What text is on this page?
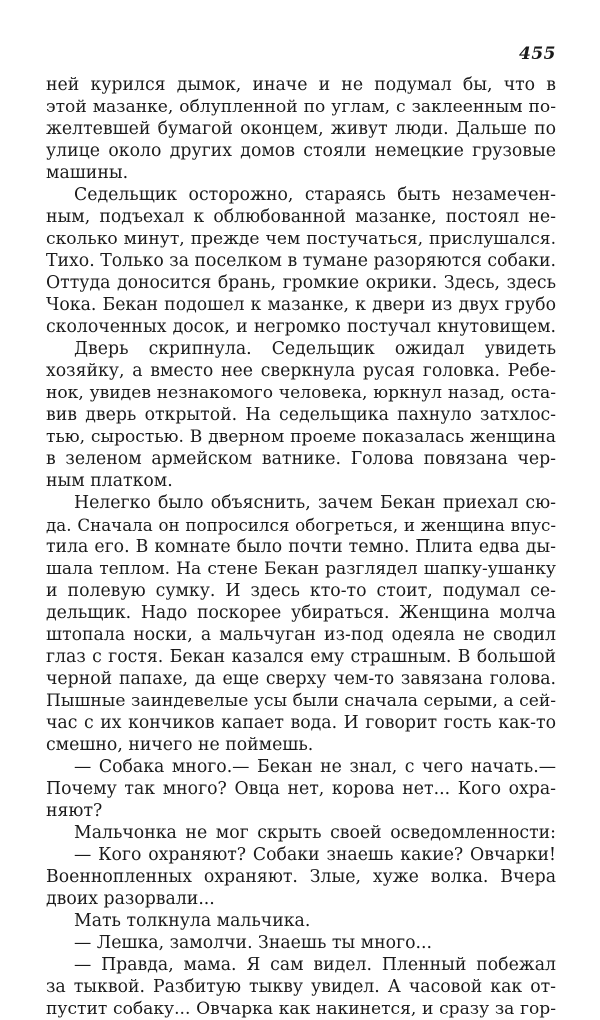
455
ней курился дымок, иначе и не подумал бы, что в
этой мазанке, облупленной по углам, с заклеенным по-
желтевшей бумагой оконцем, живут люди. Дальше по
улице около других домов стояли немецкие грузовые
машины.
Седельщик осторожно, стараясь быть незамечен-
ным, подъехал к облюбованной мазанке, постоял не-
сколько минут, прежде чем постучаться, прислушался.
Тихо. Только за поселком в тумане разоряются собаки.
Оттуда доносится брань, громкие окрики. Здесь, здесь
Чока. Бекан подошел к мазанке, к двери из двух грубо
сколоченных досок, и негромко постучал кнутовищем.
Дверь скрипнула. Седельщик ожидал увидеть
хозяйку, а вместо нее сверкнула русая головка. Ребе-
нок, увидев незнакомого человека, юркнул назад, оста-
вив дверь открытой. На седельщика пахнуло затхлос-
тью, сыростью. В дверном проеме показалась женщина
в зеленом армейском ватнике. Голова повязана чер-
ным платком.
Нелегко было объяснить, зачем Бекан приехал сю-
да. Сначала он попросился обогреться, и женщина впус-
тила его. В комнате было почти темно. Плита едва ды-
шала теплом. На стене Бекан разглядел шапку-ушанку
и полевую сумку. И здесь кто-то стоит, подумал се-
дельщик. Надо поскорее убираться. Женщина молча
штопала носки, а мальчуган из-под одеяла не сводил
глаз с гостя. Бекан казался ему страшным. В большой
черной папахе, да еще сверху чем-то завязана голова.
Пышные заиндевелые усы были сначала серыми, а сей-
час с их кончиков капает вода. И говорит гость как-то
смешно, ничего не поймешь.
— Собака много.— Бекан не знал, с чего начать.—
Почему так много? Овца нет, корова нет... Кого охра-
няют?
Мальчонка не мог скрыть своей осведомленности:
— Кого охраняют? Собаки знаешь какие? Овчарки!
Военнопленных охраняют. Злые, хуже волка. Вчера
двоих разорвали...
Мать толкнула мальчика.
— Лешка, замолчи. Знаешь ты много...
— Правда, мама. Я сам видел. Пленный побежал
за тыквой. Разбитую тыкву увидел. А часовой как от-
пустит собаку... Овчарка как накинется, и сразу за гор-
